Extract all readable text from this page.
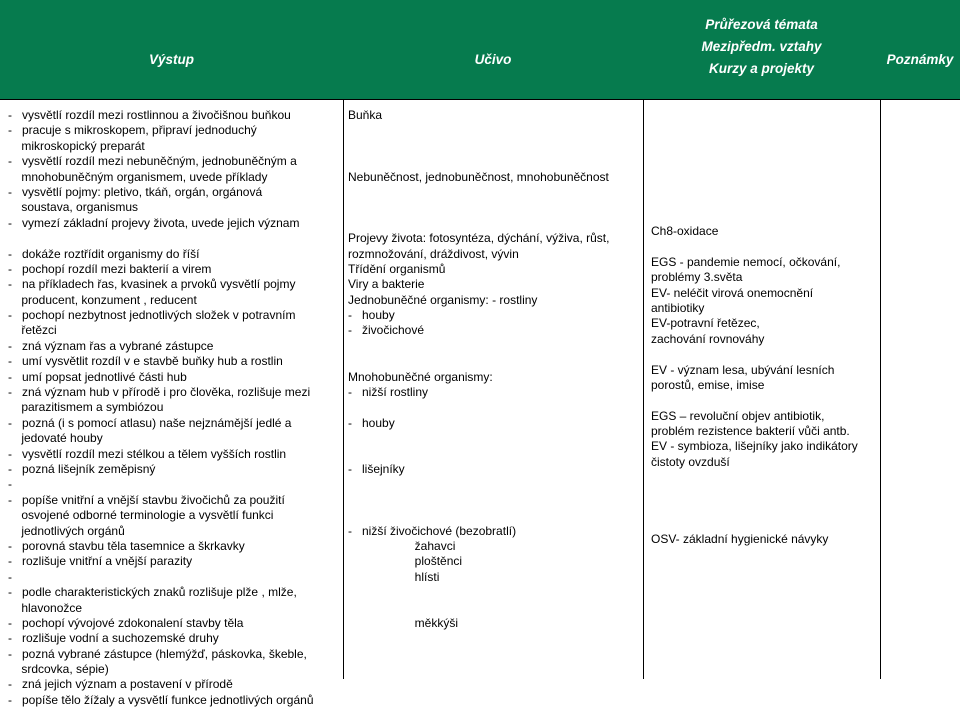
Výstup	Učivo
Průřezová témata
Mezipředm. vztahy
Kurzy a projekty
Poznámky
-   vysvětlí rozdíl mezi rostlinnou a živočišnou buňkou
-   pracuje s mikroskopem, připraví jednoduchý
mikroskopický preparát
-   vysvětlí rozdíl mezi nebuněčným, jednobuněčným a
mnohobuněčným organismem, uvede příklady
-   vysvětlí pojmy: pletivo, tkáň, orgán, orgánová
soustava, organismus
-   vymezí základní projevy života, uvede jejich význam
-   dokáže roztřídit organismy do říší
-   pochopí rozdíl mezi bakterií a virem
-   na příkladech řas, kvasinek a prvoků vysvětlí pojmy
producent, konzument , reducent
-   pochopí nezbytnost jednotlivých složek v potravním
řetězci
-   zná význam řas a vybrané zástupce
-   umí vysvětlit rozdíl v e stavbě buňky hub a rostlin
-   umí popsat jednotlivé části hub
-   zná význam hub v přírodě i pro člověka, rozlišuje mezi
parazitismem a symbiózou
-   pozná (i s pomocí atlasu) naše nejznámější jedlé a
jedovaté houby
-   vysvětlí rozdíl mezi stélkou a tělem vyšších rostlin
-   pozná lišejník zeměpisný
-
-   popíše vnitřní a vnější stavbu živočichů za použití
osvojené odborné terminologie a vysvětlí funkci
jednotlivých orgánů
-   porovná stavbu těla tasemnice a škrkavky
-   rozlišuje vnitřní a vnější parazity
-
-   podle charakteristických znaků rozlišuje plže , mlže,
hlavonožce
-   pochopí vývojové zdokonalení stavby těla
-   rozlišuje vodní a suchozemské druhy
-   pozná vybrané zástupce (hlemýžď, páskovka, škeble,
srdcovka, sépie)
-   zná jejich význam a postavení v přírodě
-   popíše tělo žížaly a vysvětlí funkce jednotlivých orgánů
Buňka
Nebuněčnost, jednobuněčnost, mnohobuněčnost
Projevy života: fotosyntéza, dýchání, výživa, růst,
rozmnožování, dráždivost, vývin
Třídění organismů
Viry a bakterie
Jednobuněčné organismy: - rostliny
-   houby
-   živočichové
Mnohobuněčné organismy:
-   nižší rostliny
-   houby
-   lišejníky
-   nižší živočichové (bezobratlí)
žahavci
ploštěnci
hlísti
měkkýši
Ch8-oxidace
EGS - pandemie nemocí, očkování,
problémy 3.světa
EV- neléčit virová onemocnění
antibiotiky
EV-potravní řetězec,
zachování rovnováhy
EV - význam lesa, ubývání lesních
porostů, emise, imise
EGS – revoluční objev antibiotik,
problém rezistence bakterií vůči antb.
EV - symbioza, lišejníky jako indikátory
čistoty ovzduší
OSV- základní hygienické návyky
